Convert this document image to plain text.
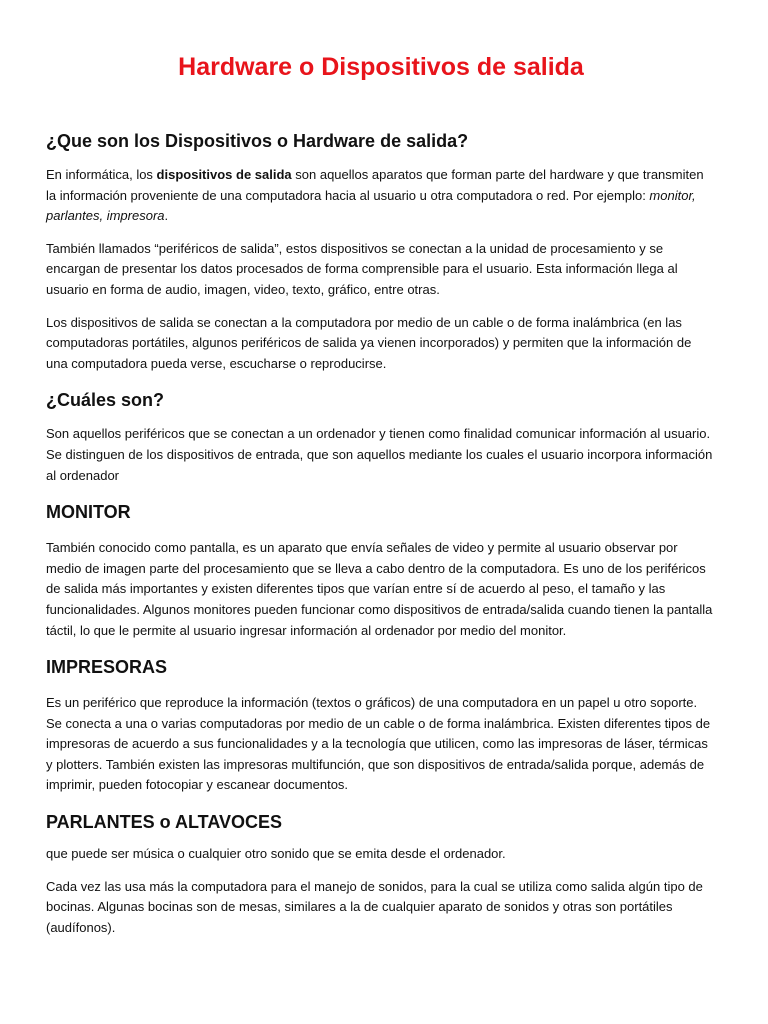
Hardware o Dispositivos de salida
¿Que son los Dispositivos o Hardware de salida?

En informática, los dispositivos de salida son aquellos aparatos que forman parte del hardware y que transmiten la información proveniente de una computadora hacia al usuario u otra computadora o red. Por ejemplo: monitor, parlantes, impresora.

También llamados “periféricos de salida”, estos dispositivos se conectan a la unidad de procesamiento y se encargan de presentar los datos procesados de forma comprensible para el usuario. Esta información llega al usuario en forma de audio, imagen, video, texto, gráfico, entre otras.

Los dispositivos de salida se conectan a la computadora por medio de un cable o de forma inalámbrica (en las computadoras portátiles, algunos periféricos de salida ya vienen incorporados) y permiten que la información de una computadora pueda verse, escucharse o reproducirse.

¿Cuáles son?

Son aquellos periféricos que se conectan a un ordenador y tienen como finalidad comunicar información al usuario. Se distinguen de los dispositivos de entrada, que son aquellos mediante los cuales el usuario incorpora información al ordenador

MONITOR

También conocido como pantalla, es un aparato que envía señales de video y permite al usuario observar por medio de imagen parte del procesamiento que se lleva a cabo dentro de la computadora. Es uno de los periféricos de salida más importantes y existen diferentes tipos que varían entre sí de acuerdo al peso, el tamaño y las funcionalidades. Algunos monitores pueden funcionar como dispositivos de entrada/salida cuando tienen la pantalla táctil, lo que le permite al usuario ingresar información al ordenador por medio del monitor.

IMPRESORAS

Es un periférico que reproduce la información (textos o gráficos) de una computadora en un papel u otro soporte. Se conecta a una o varias computadoras por medio de un cable o de forma inalámbrica. Existen diferentes tipos de impresoras de acuerdo a sus funcionalidades y a la tecnología que utilicen, como las impresoras de láser, térmicas y plotters. También existen las impresoras multifunción, que son dispositivos de entrada/salida porque, además de imprimir, pueden fotocopiar y escanear documentos.

PARLANTES o ALTAVOCES

que puede ser música o cualquier otro sonido que se emita desde el ordenador.

Cada vez las usa más la computadora para el manejo de sonidos, para la cual se utiliza como salida algún tipo de bocinas. Algunas bocinas son de mesas, similares a la de cualquier aparato de sonidos y otras son portátiles (audífonos).
